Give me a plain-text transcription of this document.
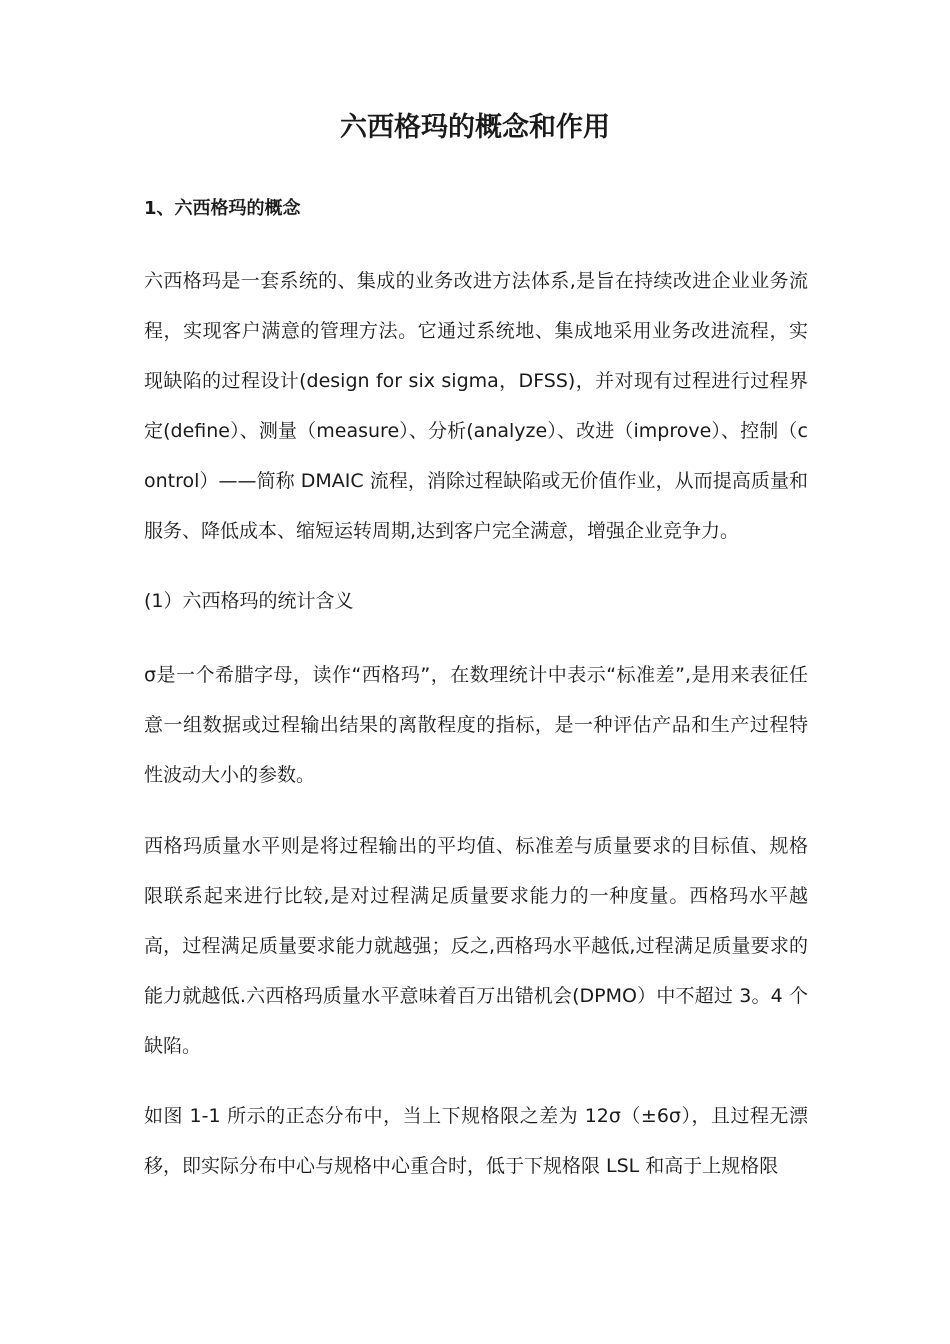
六西格玛的概念和作用
1、六西格玛的概念

六西格玛是一套系统的、集成的业务改进方法体系,是旨在持续改进企业业务流程，实现客户满意的管理方法。它通过系统地、集成地采用业务改进流程，实现缺陷的过程设计(design for six sigma，DFSS)，并对现有过程进行过程界定(define）、测量（measure）、分析(analyze）、改进（improve）、控制（control）——简称 DMAIC 流程，消除过程缺陷或无价值作业，从而提高质量和服务、降低成本、缩短运转周期,达到客户完全满意，增强企业竞争力。

(1）六西格玛的统计含义

σ是一个希腊字母，读作“西格玛”，在数理统计中表示“标准差”,是用来表征任意一组数据或过程输出结果的离散程度的指标，是一种评估产品和生产过程特性波动大小的参数。

西格玛质量水平则是将过程输出的平均值、标准差与质量要求的目标值、规格限联系起来进行比较,是对过程满足质量要求能力的一种度量。西格玛水平越高，过程满足质量要求能力就越强；反之,西格玛水平越低,过程满足质量要求的能力就越低.六西格玛质量水平意味着百万出错机会(DPMO）中不超过 3。4 个缺陷。

如图 1-1 所示的正态分布中，当上下规格限之差为 12σ（±6σ），且过程无漂移，即实际分布中心与规格中心重合时，低于下规格限 LSL 和高于上规格限
